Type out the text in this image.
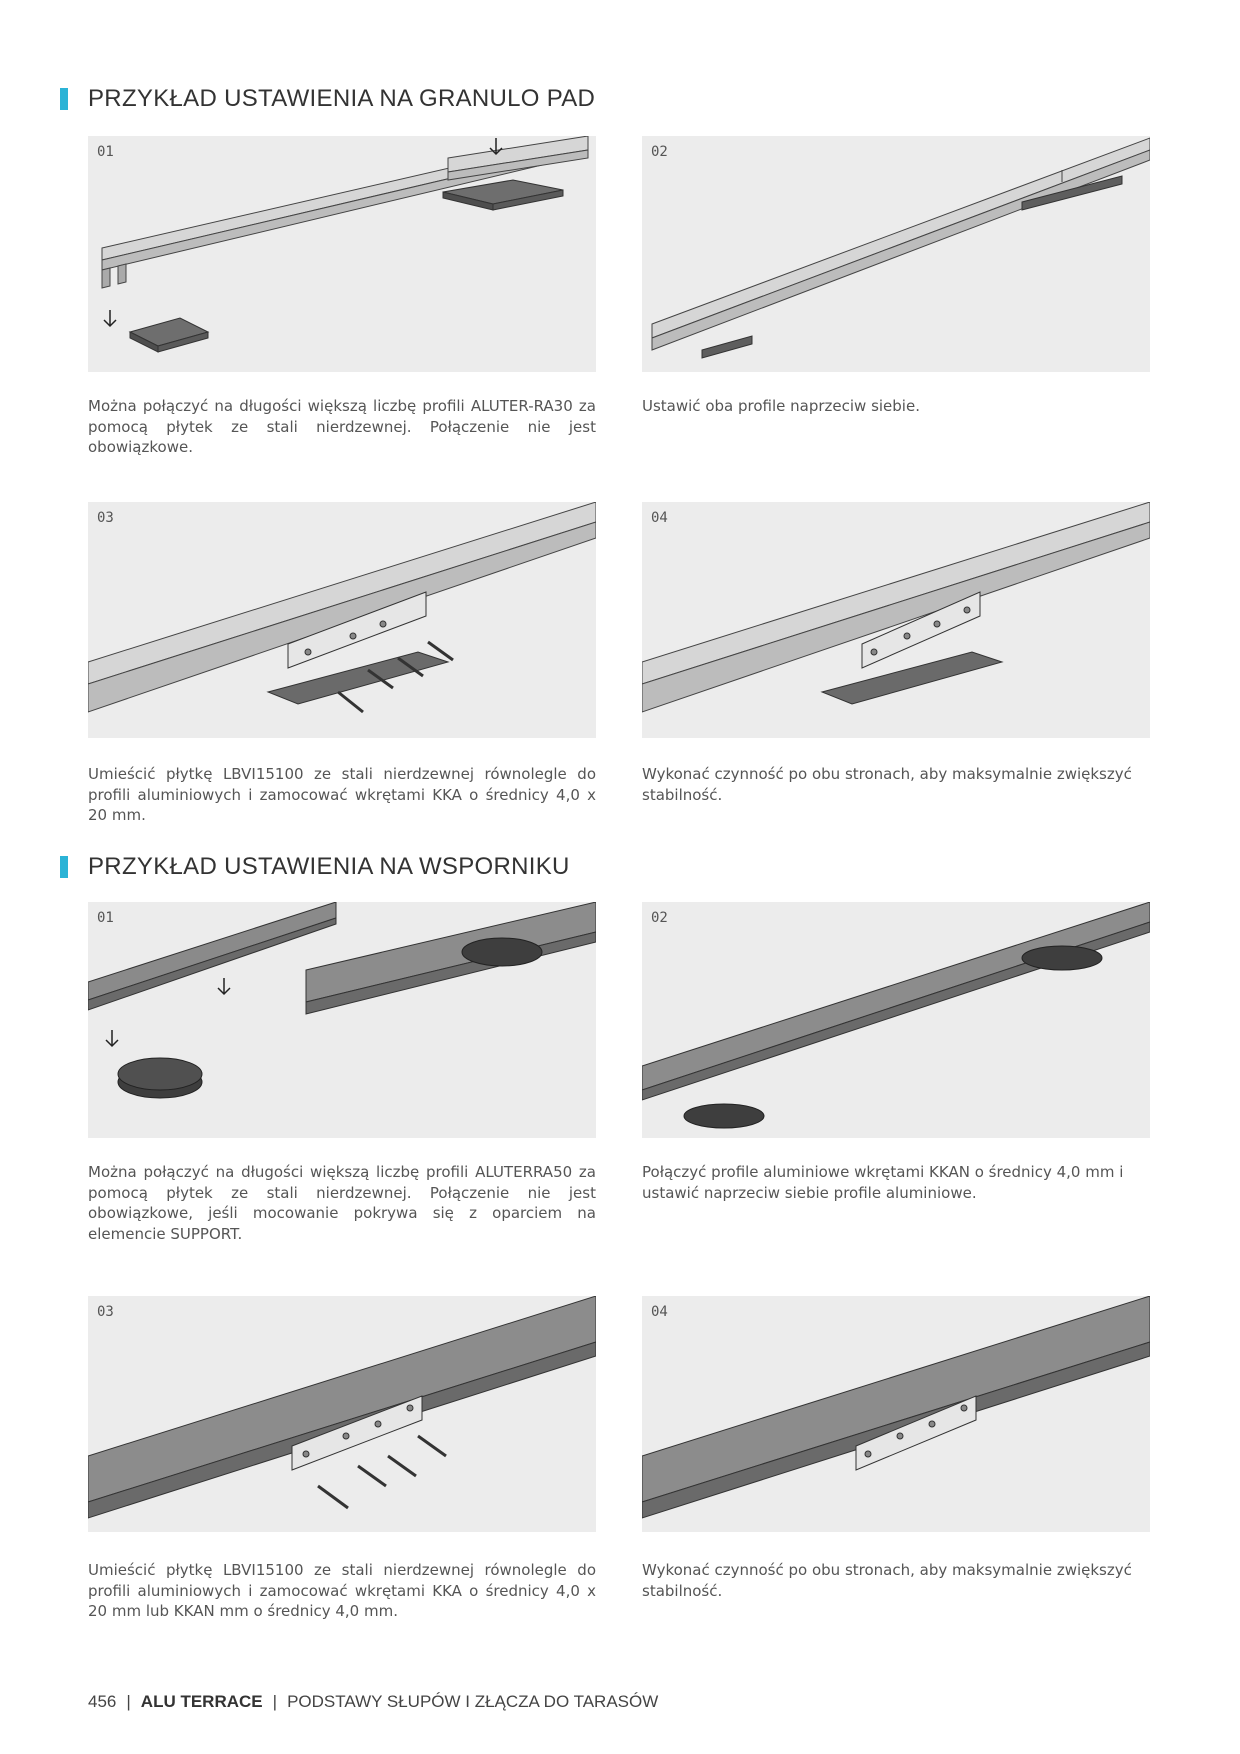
PRZYKŁAD USTAWIENIA NA GRANULO PAD
01
Można połączyć na długości większą liczbę profili ALUTER-RA30 za pomocą płytek ze stali nierdzewnej. Połączenie nie jest obowiązkowe.
02
Ustawić oba profile naprzeciw siebie.
03
Umieścić płytkę LBVI15100 ze stali nierdzewnej równolegle do profili aluminiowych i zamocować wkrętami KKA o średnicy 4,0 x 20 mm.
04
Wykonać czynność po obu stronach, aby maksymalnie zwiększyć stabilność.
PRZYKŁAD USTAWIENIA NA WSPORNIKU
01
Można połączyć na długości większą liczbę profili ALUTERRA50 za pomocą płytek ze stali nierdzewnej. Połączenie nie jest obowiązkowe, jeśli mocowanie pokrywa się z oparciem na elemencie SUPPORT.
02
Połączyć profile aluminiowe wkrętami KKAN o średnicy 4,0 mm i ustawić naprzeciw siebie profile aluminiowe.
03
Umieścić płytkę LBVI15100 ze stali nierdzewnej równolegle do profili aluminiowych i zamocować wkrętami KKA o średnicy 4,0 x 20 mm lub KKAN mm o średnicy 4,0 mm.
04
Wykonać czynność po obu stronach, aby maksymalnie zwiększyć stabilność.
456 | ALU TERRACE | PODSTAWY SŁUPÓW I ZŁĄCZA DO TARASÓW
